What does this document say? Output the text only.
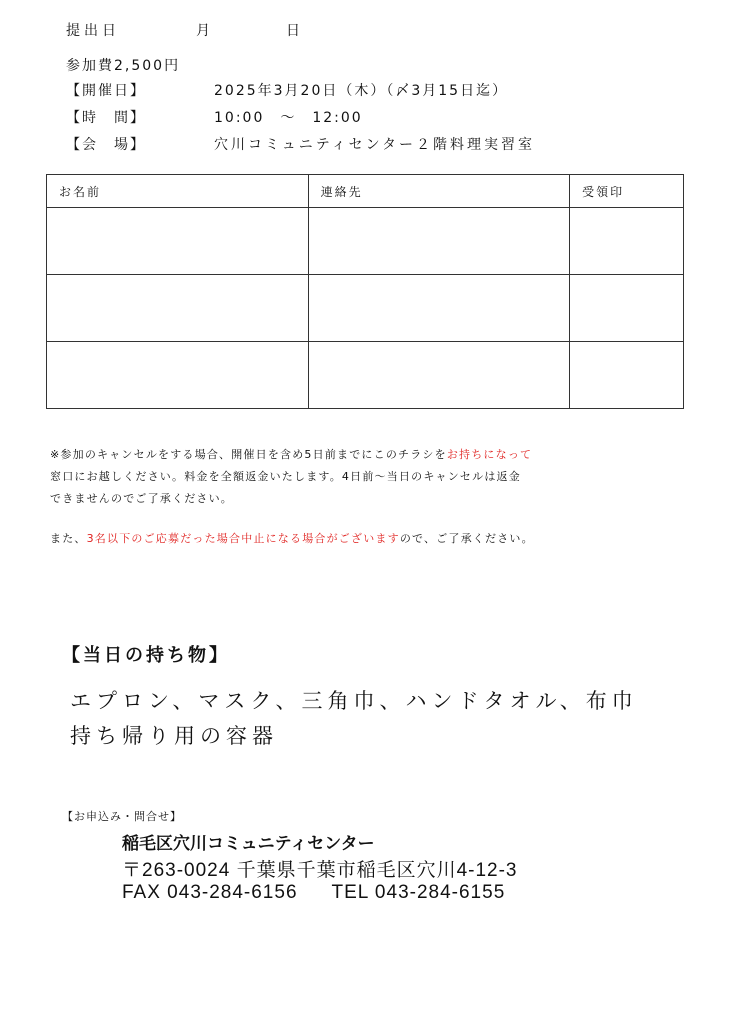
提出日	月	日
参加費2,500円
【開催日】	2025年3月20日（木）（〆3月15日迄）
【時　間】	10:00　～　12:00
【会　場】	穴川コミュニティセンター２階料理実習室
お名前	連絡先	受領印

※参加のキャンセルをする場合、開催日を含め5日前までにこのチラシをお持ちになって
窓口にお越しください。料金を全額返金いたします。4日前～当日のキャンセルは返金
できませんのでご了承ください。
また、3名以下のご応募だった場合中止になる場合がございますので、ご了承ください。
【当日の持ち物】
エプロン、マスク、三角巾、ハンドタオル、布巾
持ち帰り用の容器
【お申込み・問合せ】
稲毛区穴川コミュニティセンター
〒263-0024 千葉県千葉市稲毛区穴川4-12-3
FAX 043-284-6156 TEL 043-284-6155
